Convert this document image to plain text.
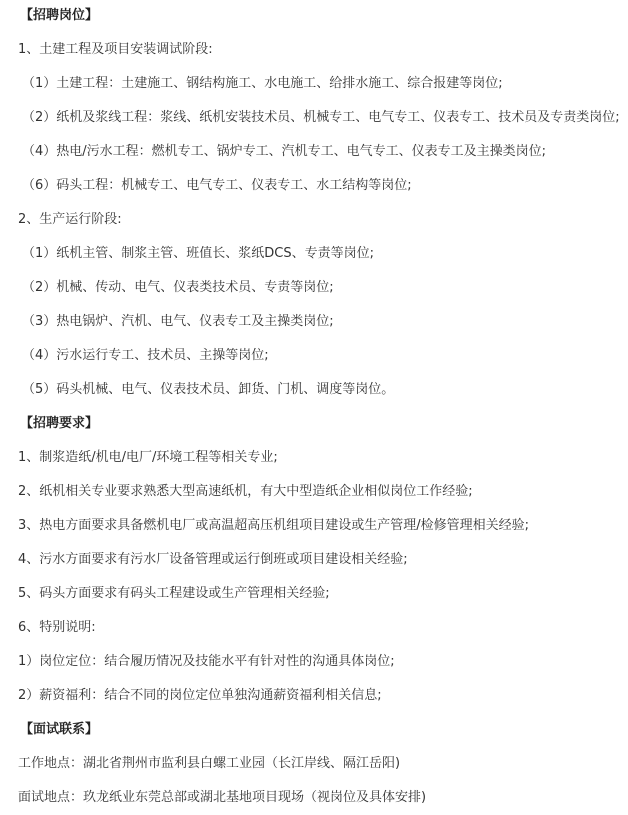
【招聘岗位】
1、土建工程及项目安装调试阶段:
（1）土建工程：土建施工、钢结构施工、水电施工、给排水施工、综合报建等岗位;
（2）纸机及浆线工程：浆线、纸机安装技术员、机械专工、电气专工、仪表专工、技术员及专责类岗位;
（4）热电/污水工程：燃机专工、锅炉专工、汽机专工、电气专工、仪表专工及主操类岗位;
（6）码头工程：机械专工、电气专工、仪表专工、水工结构等岗位;
2、生产运行阶段:
（1）纸机主管、制浆主管、班值长、浆纸DCS、专责等岗位;
（2）机械、传动、电气、仪表类技术员、专责等岗位;
（3）热电锅炉、汽机、电气、仪表专工及主操类岗位;
（4）污水运行专工、技术员、主操等岗位;
（5）码头机械、电气、仪表技术员、卸货、门机、调度等岗位。
【招聘要求】
1、制浆造纸/机电/电厂/环境工程等相关专业;
2、纸机相关专业要求熟悉大型高速纸机，有大中型造纸企业相似岗位工作经验;
3、热电方面要求具备燃机电厂或高温超高压机组项目建设或生产管理/检修管理相关经验;
4、污水方面要求有污水厂设备管理或运行倒班或项目建设相关经验;
5、码头方面要求有码头工程建设或生产管理相关经验;
6、特别说明:
1）岗位定位：结合履历情况及技能水平有针对性的沟通具体岗位;
2）薪资福利：结合不同的岗位定位单独沟通薪资福利相关信息;
【面试联系】
工作地点：湖北省荆州市监利县白螺工业园（长江岸线、隔江岳阳)
面试地点：玖龙纸业东莞总部或湖北基地项目现场（视岗位及具体安排)
